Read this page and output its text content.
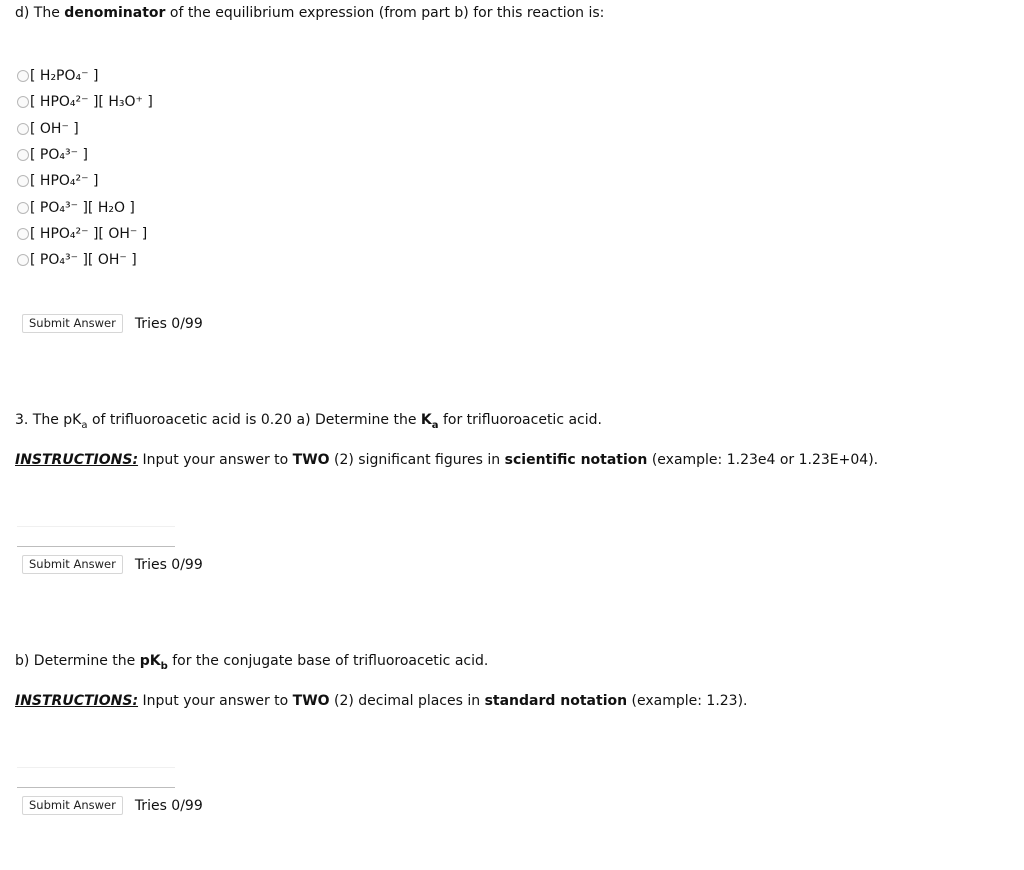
d) The denominator of the equilibrium expression (from part b) for this reaction is:
[ H₂PO₄⁻ ]
[ HPO₄²⁻ ][ H₃O⁺ ]
[ OH⁻ ]
[ PO₄³⁻ ]
[ HPO₄²⁻ ]
[ PO₄³⁻ ][ H₂O ]
[ HPO₄²⁻ ][ OH⁻ ]
[ PO₄³⁻ ][ OH⁻ ]
Submit Answer	Tries 0/99
3. The $pK_a$ of trifluoroacetic acid is 0.20 a) Determine the $K_a$ for trifluoroacetic acid.
INSTRUCTIONS: Input your answer to TWO (2) significant figures in scientific notation (example: 1.23e4 or 1.23E+04).
Submit Answer	Tries 0/99
b) Determine the $pK_b$ for the conjugate base of trifluoroacetic acid.
INSTRUCTIONS: Input your answer to TWO (2) decimal places in standard notation (example: 1.23).
Submit Answer	Tries 0/99
